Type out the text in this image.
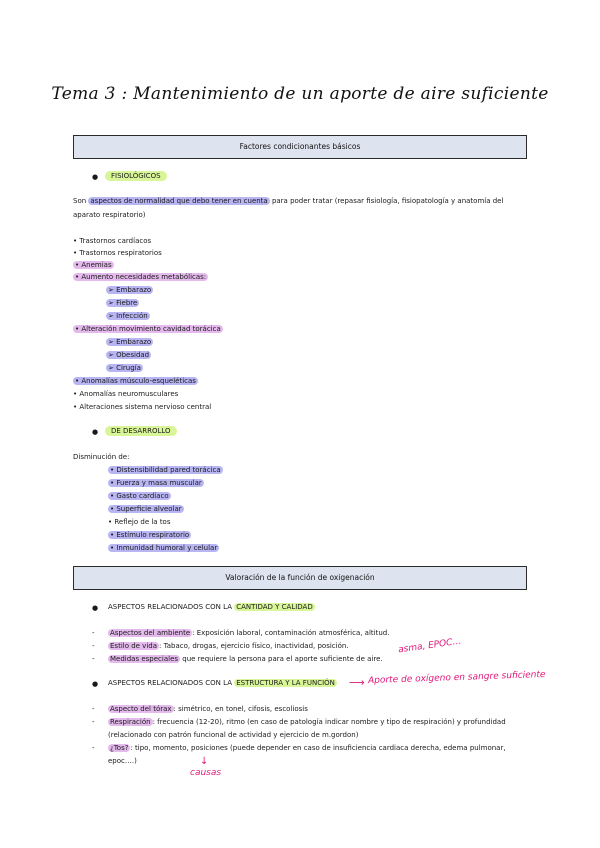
Tema 3 : Mantenimiento de un aporte de aire suficiente
Factores condicionantes básicos
●	FISIOLÓGICOS
Son aspectos de normalidad que debo tener en cuenta para poder tratar (repasar fisiología, fisiopatología y anatomía del
aparato respiratorio)
• Trastornos cardíacos
• Trastornos respiratorios
• Anemias
• Aumento necesidades metabólicas:
➢ Embarazo
➢ Fiebre
➢ Infección
• Alteración movimiento cavidad torácica
➢ Embarazo
➢ Obesidad
➢ Cirugía
• Anomalías músculo-esqueléticas
• Anomalías neuromusculares
• Alteraciones sistema nervioso central
●	DE DESARROLLO
Disminución de:
• Distensibilidad pared torácica
• Fuerza y masa muscular
• Gasto cardíaco
• Superficie alveolar
• Reflejo de la tos
• Estímulo respiratorio
• Inmunidad humoral y celular
Valoración de la función de oxigenación
● ASPECTOS RELACIONADOS CON LA CANTIDAD Y CALIDAD
- Aspectos del ambiente : Exposición laboral, contaminación atmosférica, altitud.
- Estilo de vida : Tabaco, drogas, ejercicio físico, inactividad, posición.
- Medidas especiales que requiere la persona para el aporte suficiente de aire.
asma, EPOC…
● ASPECTOS RELACIONADOS CON LA ESTRUCTURA Y LA FUNCIÓN ⟶ Aporte de oxígeno en sangre suficiente
- Aspecto del tórax : simétrico, en tonel, cifosis, escoliosis
- Respiración : frecuencia (12-20), ritmo (en caso de patología indicar nombre y tipo de respiración) y profundidad
(relacionado con patrón funcional de actividad y ejercicio de m.gordon)
- ¿Tos? : tipo, momento, posiciones (puede depender en caso de insuficiencia cardiaca derecha, edema pulmonar,
epoc….)	↓
causas
